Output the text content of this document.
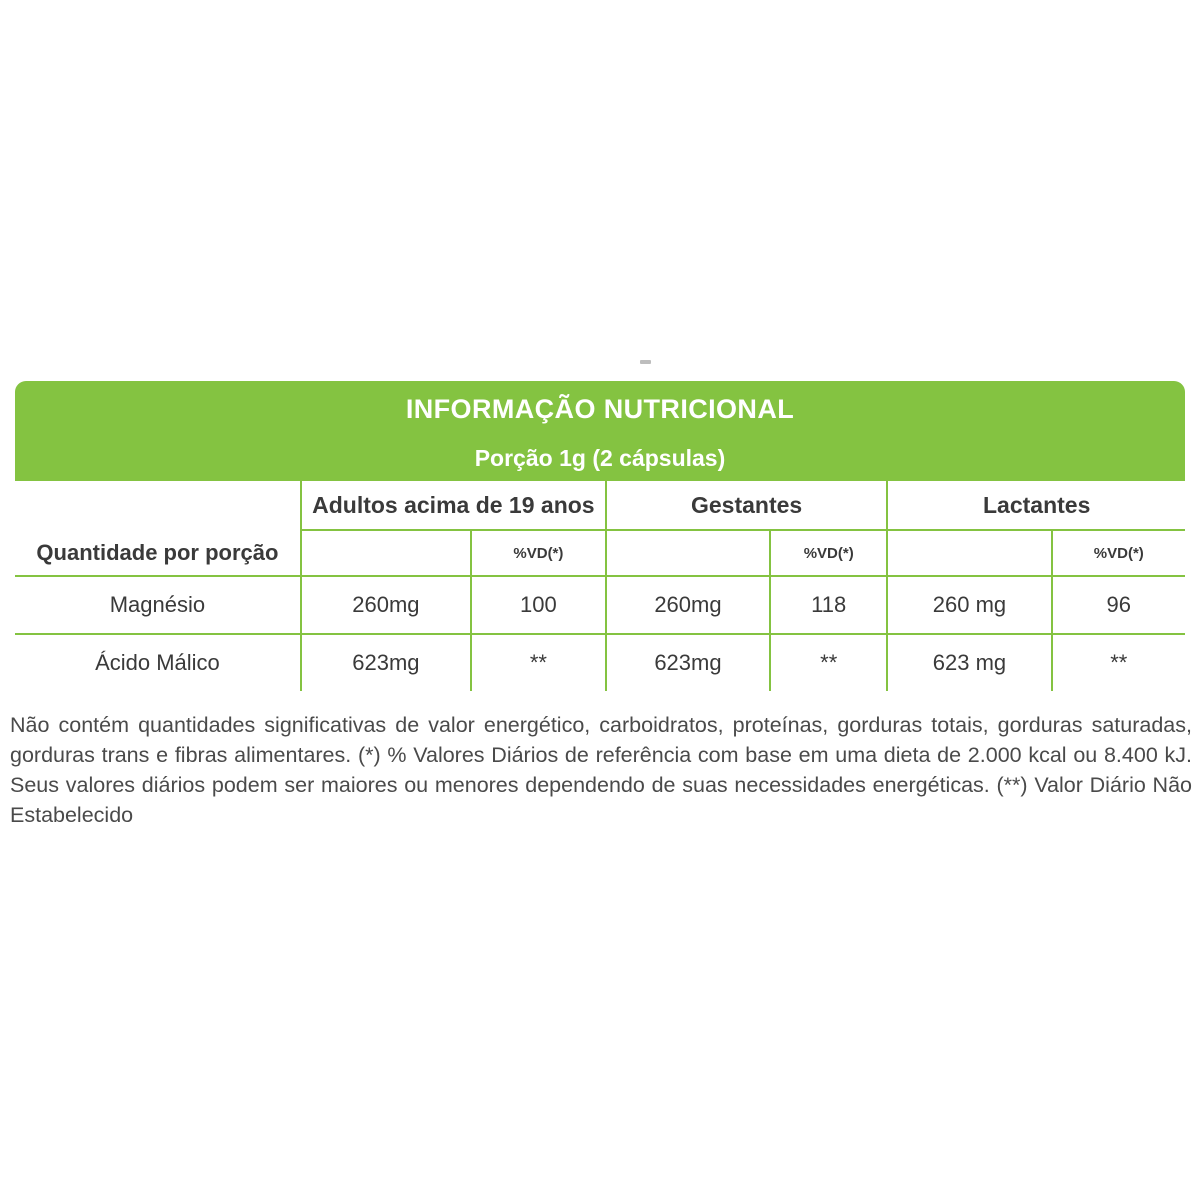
INFORMAÇÃO NUTRICIONAL						
Porção 1g (2 cápsulas)						
	Adultos acima de 19 anos		Gestantes		Lactantes	
Quantidade por porção		%VD(*)		%VD(*)		%VD(*)
Magnésio	260mg	100	260mg	118	260 mg	96
Ácido Málico	623mg	**	623mg	**	623 mg	**
Não contém quantidades significativas de valor energético, carboidratos, proteínas, gorduras totais, gorduras saturadas, gorduras trans e fibras alimentares. (*) % Valores Diários de referência com base em uma dieta de 2.000 kcal ou 8.400 kJ. Seus valores diários podem ser maiores ou menores dependendo de suas necessidades energéticas. (**) Valor Diário Não Estabelecido
